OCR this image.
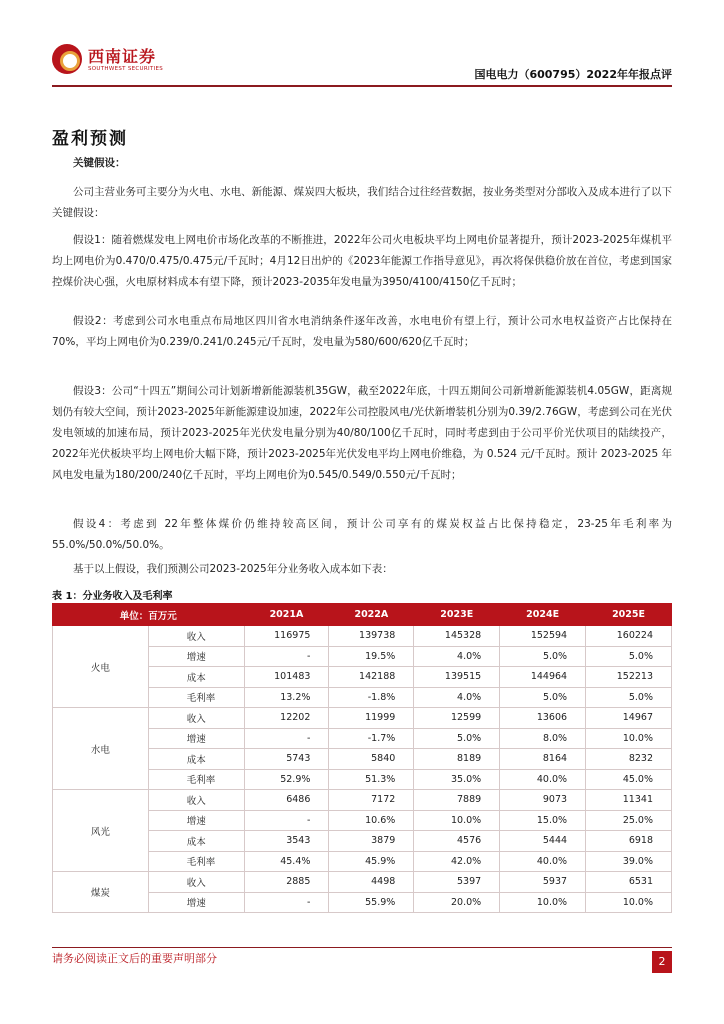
西南证券
SOUTHWEST SECURITIES	国电电力（600795）2022年年报点评
盈利预测
关键假设：
公司主营业务可主要分为火电、水电、新能源、煤炭四大板块，我们结合过往经营数据，按业务类型对分部收入及成本进行了以下关键假设：
假设1：随着燃煤发电上网电价市场化改革的不断推进，2022年公司火电板块平均上网电价显著提升，预计2023-2025年煤机平均上网电价为0.470/0.475/0.475元/千瓦时；4月12日出炉的《2023年能源工作指导意见》，再次将保供稳价放在首位，考虑到国家控煤价决心强，火电原材料成本有望下降，预计2023-2035年发电量为3950/4100/4150亿千瓦时；
假设2：考虑到公司水电重点布局地区四川省水电消纳条件逐年改善，水电电价有望上行，预计公司水电权益资产占比保持在70%，平均上网电价为0.239/0.241/0.245元/千瓦时，发电量为580/600/620亿千瓦时；
假设3：公司“十四五”期间公司计划新增新能源装机35GW，截至2022年底，十四五期间公司新增新能源装机4.05GW，距离规划仍有较大空间，预计2023-2025年新能源建设加速，2022年公司控股风电/光伏新增装机分别为0.39/2.76GW，考虑到公司在光伏发电领域的加速布局，预计2023-2025年光伏发电量分别为40/80/100亿千瓦时，同时考虑到由于公司平价光伏项目的陆续投产，2022年光伏板块平均上网电价大幅下降，预计2023-2025年光伏发电平均上网电价维稳，为 0.524 元/千瓦时。预计 2023-2025 年风电发电量为180/200/240亿千瓦时，平均上网电价为0.545/0.549/0.550元/千瓦时；
假设4：考虑到 22年整体煤价仍维持较高区间，预计公司享有的煤炭权益占比保持稳定，23-25年毛利率为55.0%/50.0%/50.0%。
基于以上假设，我们预测公司2023-2025年分业务收入成本如下表：
表 1：分业务收入及毛利率
单位：百万元		2021A	2022A	2023E	2024E	2025E
火电	收入	116975	139738	145328	152594	160224
	增速	-	19.5%	4.0%	5.0%	5.0%
	成本	101483	142188	139515	144964	152213
	毛利率	13.2%	-1.8%	4.0%	5.0%	5.0%
水电	收入	12202	11999	12599	13606	14967
	增速	-	-1.7%	5.0%	8.0%	10.0%
	成本	5743	5840	8189	8164	8232
	毛利率	52.9%	51.3%	35.0%	40.0%	45.0%
风光	收入	6486	7172	7889	9073	11341
	增速	-	10.6%	10.0%	15.0%	25.0%
	成本	3543	3879	4576	5444	6918
	毛利率	45.4%	45.9%	42.0%	40.0%	39.0%
煤炭	收入	2885	4498	5397	5937	6531
	增速	-	55.9%	20.0%	10.0%	10.0%
请务必阅读正文后的重要声明部分	2
